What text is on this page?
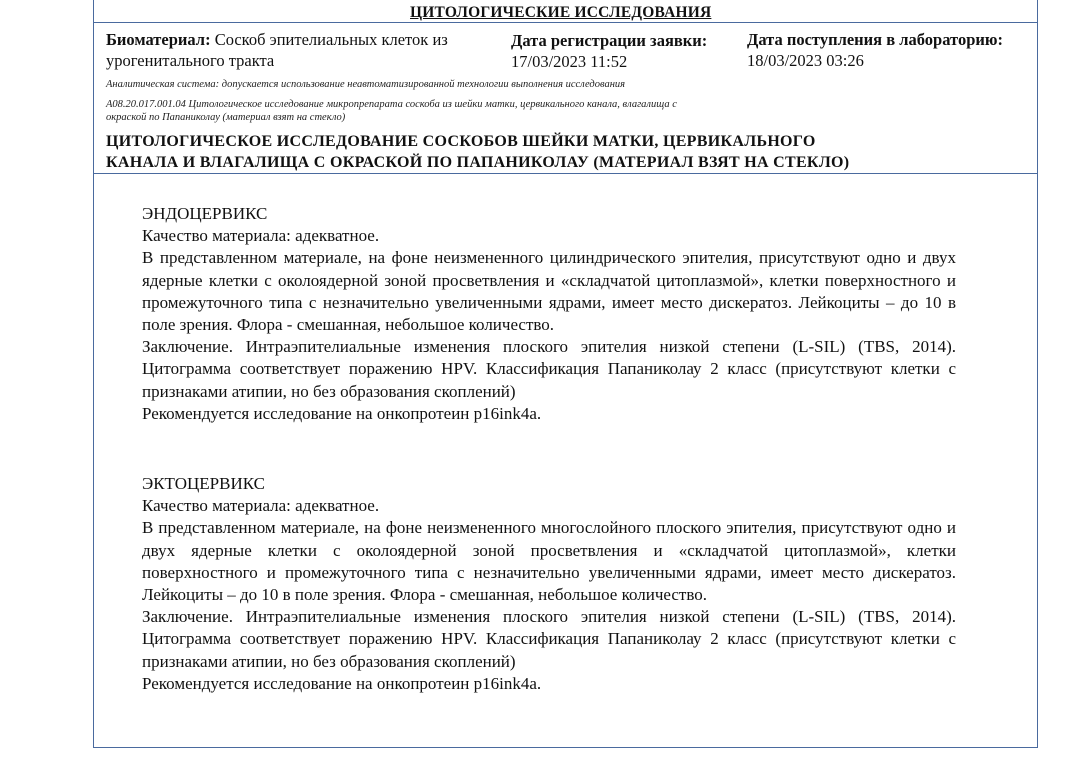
ЦИТОЛОГИЧЕСКИЕ ИССЛЕДОВАНИЯ
Биоматериал: Соскоб эпителиальных клеток из
урогенитального тракта
Дата регистрации заявки:
17/03/2023 11:52
Дата поступления в лабораторию:
18/03/2023 03:26
Аналитическая система: допускается использование неавтоматизированной технологии выполнения исследования
A08.20.017.001.04 Цитологическое исследование микропрепарата соскоба из шейки матки, цервикального канала, влагалища с
окраской по Папаниколау (материал взят на стекло)
ЦИТОЛОГИЧЕСКОЕ ИССЛЕДОВАНИЕ СОСКОБОВ ШЕЙКИ МАТКИ, ЦЕРВИКАЛЬНОГО
КАНАЛА И ВЛАГАЛИЩА С ОКРАСКОЙ ПО ПАПАНИКОЛАУ (МАТЕРИАЛ ВЗЯТ НА СТЕКЛО)

ЭНДОЦЕРВИКС

Качество материала: адекватное.

В представленном материале, на фоне неизмененного цилиндрического эпителия, присутствуют одно и двух ядерные клетки с околоядерной зоной просветвления и «складчатой цитоплазмой», клетки поверхностного и промежуточного типа с незначительно увеличенными ядрами, имеет место дискератоз. Лейкоциты – до 10 в поле зрения. Флора - смешанная, небольшое количество.

Заключение. Интраэпителиальные изменения плоского эпителия низкой степени (L-SIL) (TBS, 2014). Цитограмма соответствует поражению HPV. Классификация Папаниколау 2 класс (присутствуют клетки с признаками атипии, но без образования скоплений)

Рекомендуется исследование на онкопротеин p16ink4a.

ЭКТОЦЕРВИКС

Качество материала: адекватное.

В представленном материале, на фоне неизмененного многослойного плоского эпителия, присутствуют одно и двух ядерные клетки с околоядерной зоной просветвления и «складчатой цитоплазмой», клетки поверхностного и промежуточного типа с незначительно увеличенными ядрами, имеет место дискератоз. Лейкоциты – до 10 в поле зрения. Флора - смешанная, небольшое количество.

Заключение. Интраэпителиальные изменения плоского эпителия низкой степени (L-SIL) (TBS, 2014). Цитограмма соответствует поражению HPV. Классификация Папаниколау 2 класс (присутствуют клетки с признаками атипии, но без образования скоплений)

Рекомендуется исследование на онкопротеин p16ink4a.
